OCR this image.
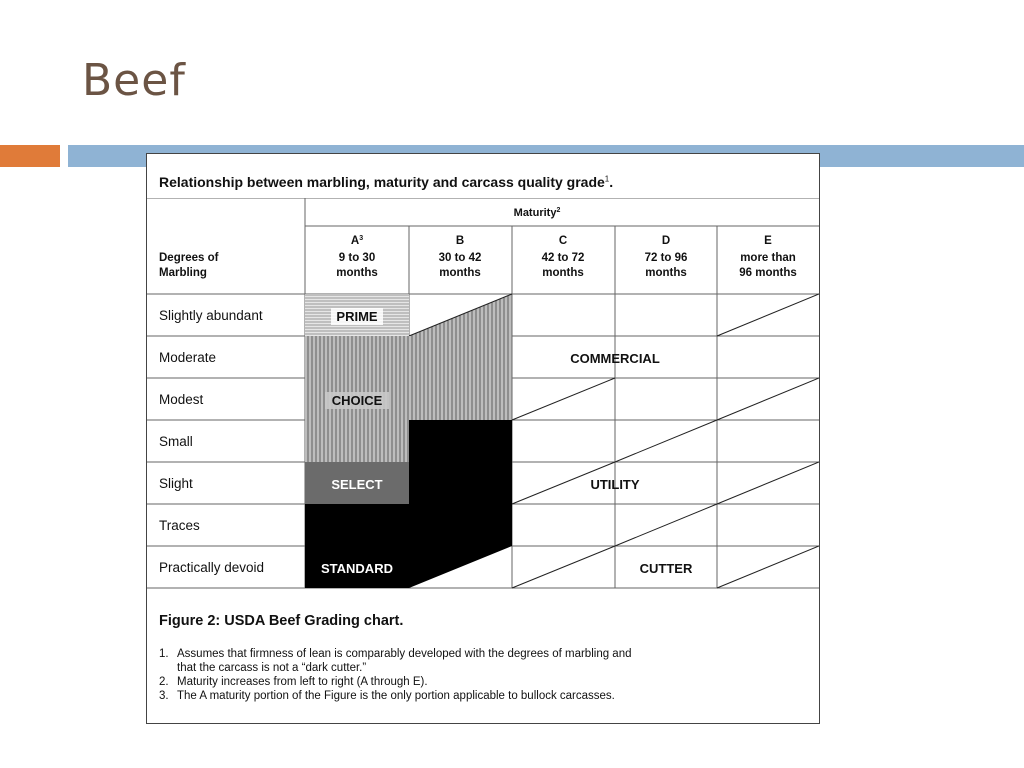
Beef
Relationship between marbling, maturity and carcass quality grade$^1$.
Maturity$^2$
Degrees of
Marbling
$A^3$
9 to 30
months
B
30 to 42
months
C
42 to 72
months
D
72 to 96
months
E
more than
96 months
Slightly abundant
Moderate
Modest
Small
Slight
Traces
Practically devoid
PRIME
CHOICE
SELECT
STANDARD
COMMERCIAL
UTILITY
CUTTER
Figure 2: USDA Beef Grading chart.
1. Assumes that firmness of lean is comparably developed with the degrees of marbling and
that the carcass is not a “dark cutter.”
2. Maturity increases from left to right (A through E).
3. The A maturity portion of the Figure is the only portion applicable to bullock carcasses.
